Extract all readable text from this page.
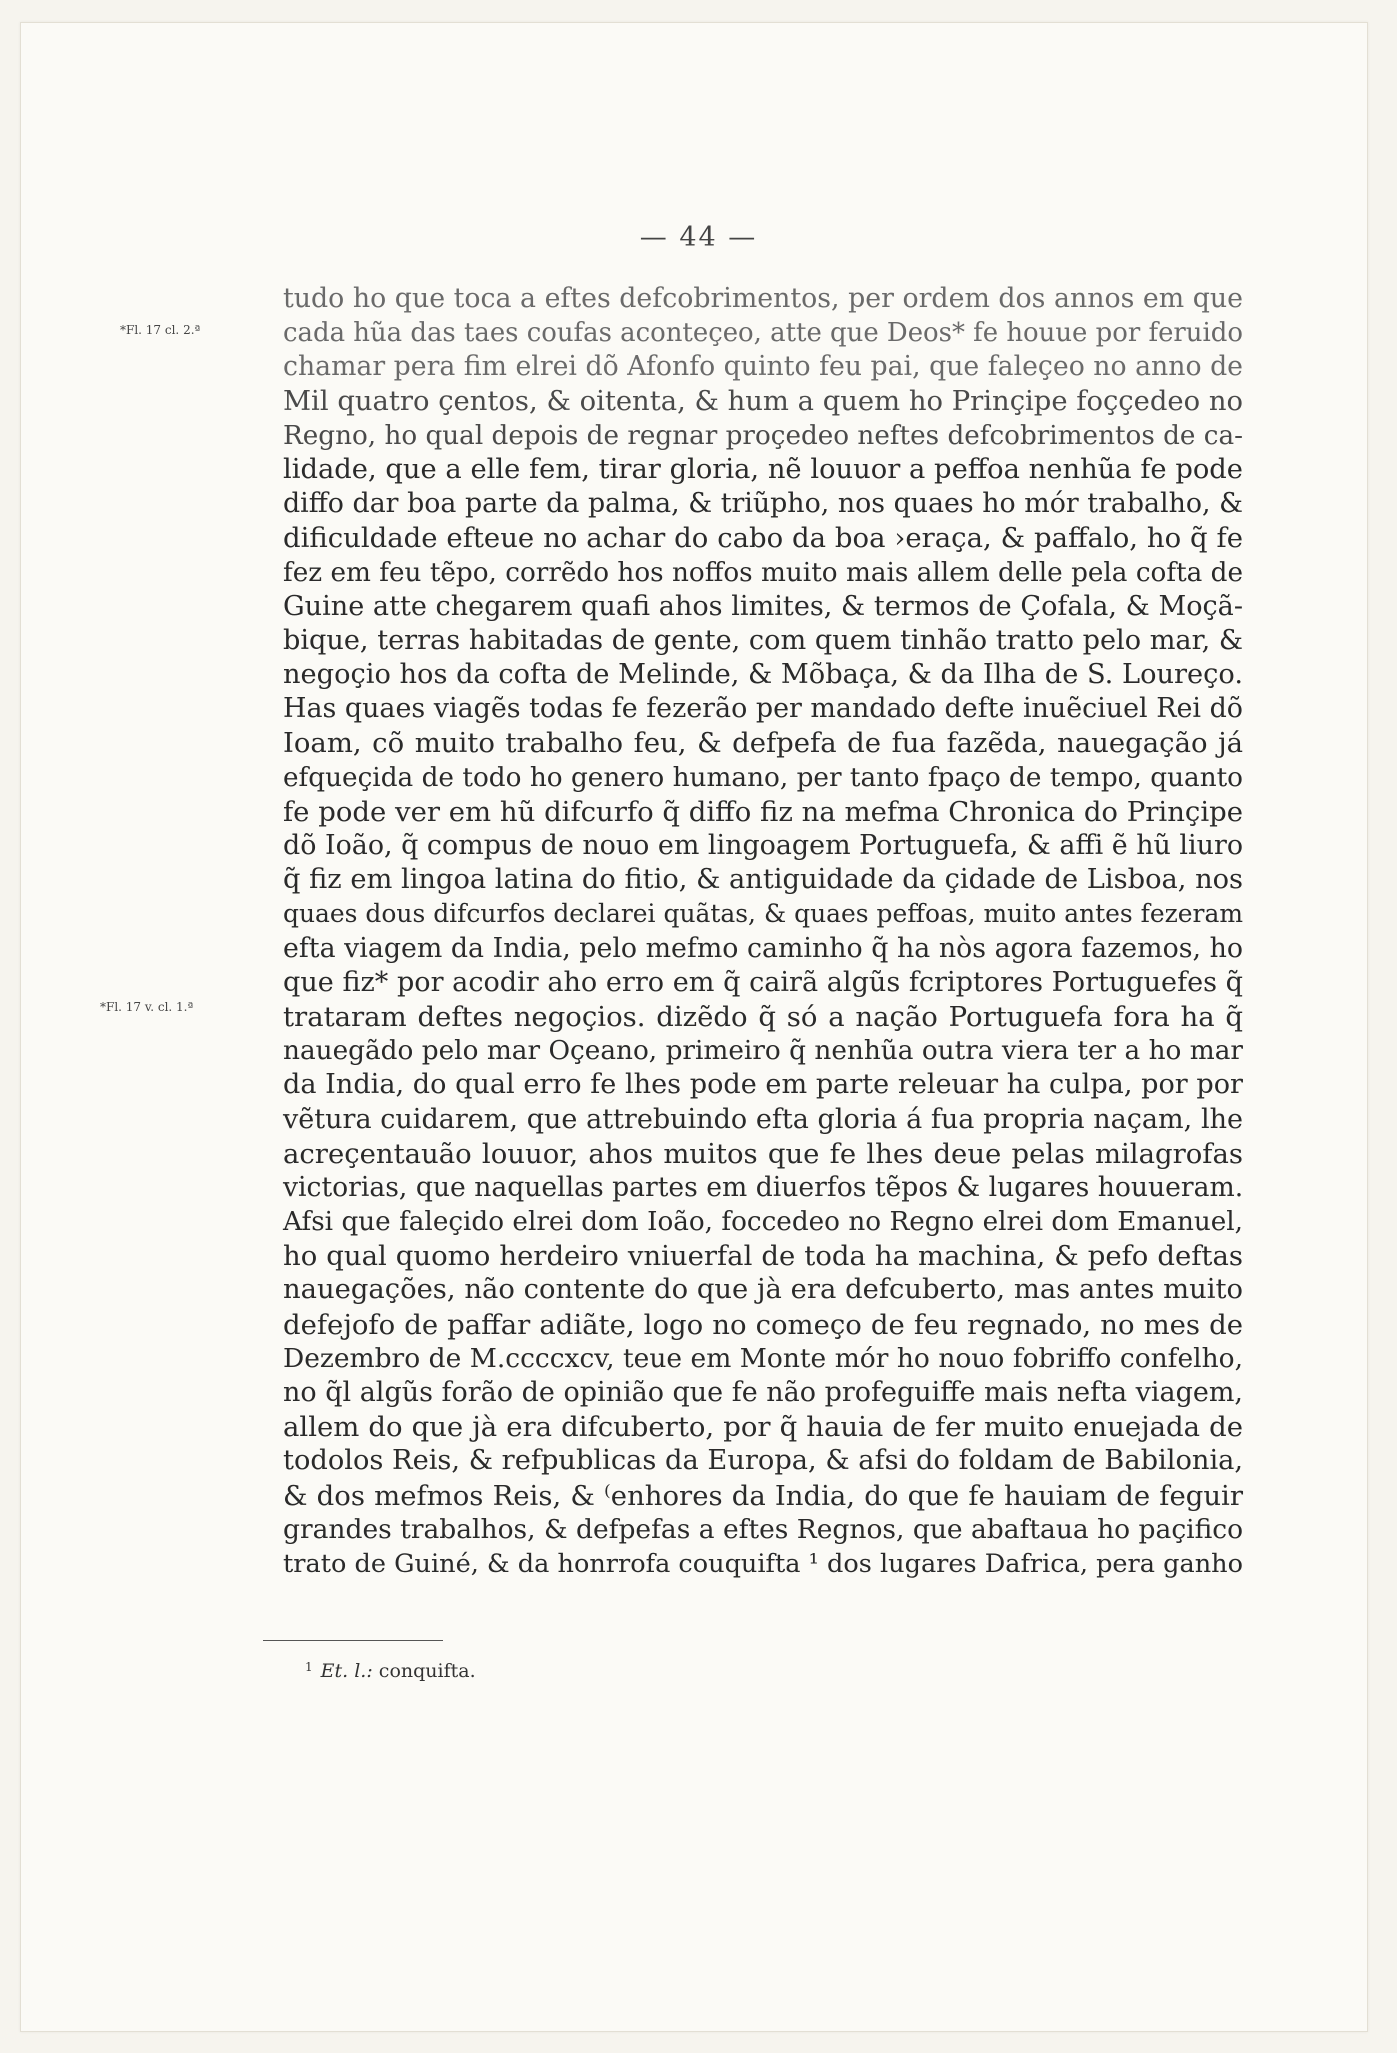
— 44 —
*Fl. 17 cl. 2.ª
*Fl. 17 v. cl. 1.ª
tudo ho que toca a eftes defcobrimentos, per ordem dos annos em que
cada hũa das taes coufas aconteçeo, atte que Deos* fe houue por feruido
chamar pera fim elrei dõ Afonfo quinto feu pai, que faleçeo no anno de
Mil quatro çentos, & oitenta, & hum a quem ho Prinçipe foççedeo no
Regno, ho qual depois de regnar proçedeo neftes defcobrimentos de ca-
lidade, que a elle fem, tirar gloria, nẽ louuor a peffoa nenhũa fe pode
diffo dar boa parte da palma, & triũpho, nos quaes ho mór trabalho, &
dificuldade efteue no achar do cabo da boa ›eraça, & paffalo, ho q̃ fe
fez em feu tẽpo, corrẽdo hos noffos muito mais allem delle pela cofta de
Guine atte chegarem quafi ahos limites, & termos de Çofala, & Moçã-
bique, terras habitadas de gente, com quem tinhão tratto pelo mar, &
negoçio hos da cofta de Melinde, & Mõbaça, & da Ilha de S. Loureço.
Has quaes viagẽs todas fe fezerão per mandado defte inuẽciuel Rei dõ
Ioam, cõ muito trabalho feu, & defpefa de fua fazẽda, nauegação já
efqueçida de todo ho genero humano, per tanto fpaço de tempo, quanto
fe pode ver em hũ difcurfo q̃ diffo fiz na mefma Chronica do Prinçipe
dõ Ioão, q̃ compus de nouo em lingoagem Portuguefa, & affi ẽ hũ liuro
q̃ fiz em lingoa latina do fitio, & antiguidade da çidade de Lisboa, nos
quaes dous difcurfos declarei quãtas, & quaes peffoas, muito antes fezeram
efta viagem da India, pelo mefmo caminho q̃ ha nòs agora fazemos, ho
que fiz* por acodir aho erro em q̃ cairã algũs fcriptores Portuguefes q̃
trataram deftes negoçios. dizẽdo q̃ só a nação Portuguefa fora ha q̃
nauegãdo pelo mar Oçeano, primeiro q̃ nenhũa outra viera ter a ho mar
da India, do qual erro fe lhes pode em parte releuar ha culpa, por por
vẽtura cuidarem, que attrebuindo efta gloria á fua propria naçam, lhe
acreçentauão louuor, ahos muitos que fe lhes deue pelas milagrofas
victorias, que naquellas partes em diuerfos tẽpos & lugares houueram.
Afsi que faleçido elrei dom Ioão, foccedeo no Regno elrei dom Emanuel,
ho qual quomo herdeiro vniuerfal de toda ha machina, & pefo deftas
nauegações, não contente do que jà era defcuberto, mas antes muito
defejofo de paffar adiãte, logo no começo de feu regnado, no mes de
Dezembro de M.ccccxcv, teue em Monte mór ho nouo fobriffo confelho,
no q̃l algũs forão de opinião que fe não profeguiffe mais nefta viagem,
allem do que jà era difcuberto, por q̃ hauia de fer muito enuejada de
todolos Reis, & refpublicas da Europa, & afsi do foldam de Babilonia,
& dos mefmos Reis, & ⁽enhores da India, do que fe hauiam de feguir
grandes trabalhos, & defpefas a eftes Regnos, que abaftaua ho paçifico
trato de Guiné, & da honrrofa couquifta ¹ dos lugares Dafrica, pera ganho
$^1$ Et. l.: conquifta.
